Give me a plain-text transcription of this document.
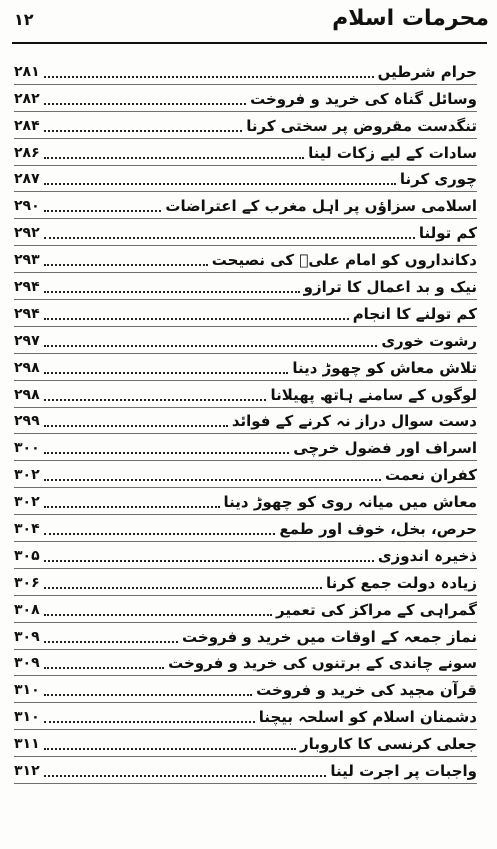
۱۲	محرمات اسلام
حرام شرطیں
۲۸۱
وسائل گناہ کی خرید و فروخت
۲۸۲
تنگدست مقروض پر سختی کرنا
۲۸۴
سادات کے لیے زکات لینا
۲۸۶
چوری کرنا
۲۸۷
اسلامی سزاؤں پر اہل مغرب کے اعتراضات
۲۹۰
کم تولنا
۲۹۲
دکانداروں کو امام علیؑ کی نصیحت
۲۹۳
نیک و بد اعمال کا ترازو
۲۹۴
کم تولنے کا انجام
۲۹۴
رشوت خوری
۲۹۷
تلاش معاش کو چھوڑ دینا
۲۹۸
لوگوں کے سامنے ہاتھ پھیلانا
۲۹۸
دست سوال دراز نہ کرنے کے فوائد
۲۹۹
اسراف اور فضول خرچی
۳۰۰
کفران نعمت
۳۰۲
معاش میں میانہ روی کو چھوڑ دینا
۳۰۲
حرص، بخل، خوف اور طمع
۳۰۴
ذخیرہ اندوزی
۳۰۵
زیادہ دولت جمع کرنا
۳۰۶
گمراہی کے مراکز کی تعمیر
۳۰۸
نماز جمعہ کے اوقات میں خرید و فروخت
۳۰۹
سونے چاندی کے برتنوں کی خرید و فروخت
۳۰۹
قرآن مجید کی خرید و فروخت
۳۱۰
دشمنان اسلام کو اسلحہ بیچنا
۳۱۰
جعلی کرنسی کا کاروبار
۳۱۱
واجبات پر اجرت لینا
۳۱۲
